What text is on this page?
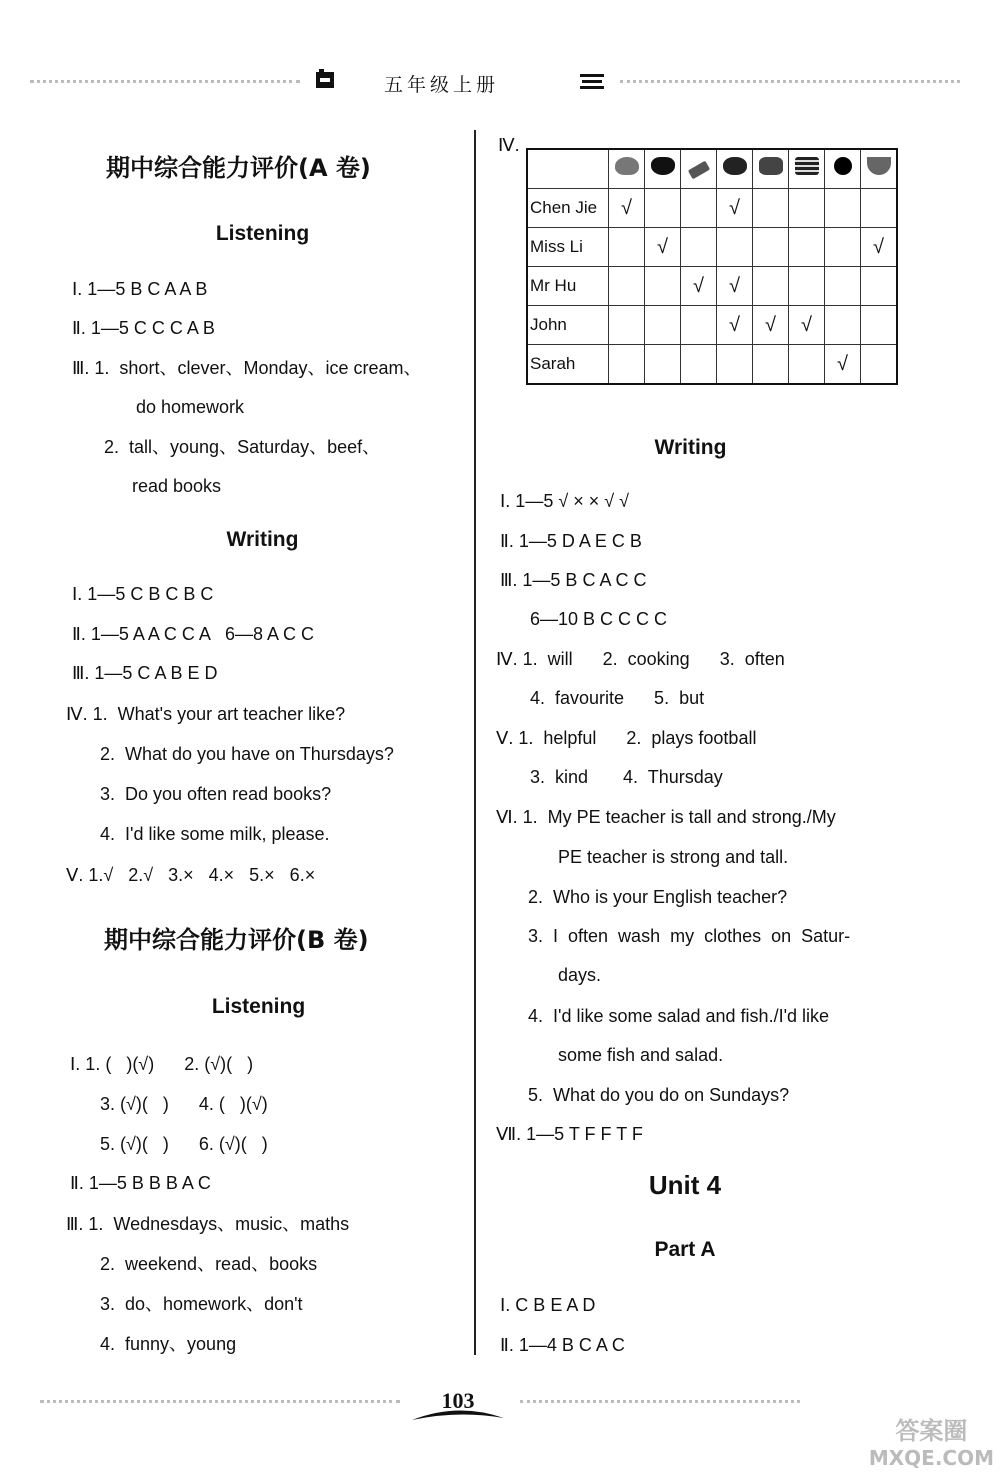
五年级上册
期中综合能力评价(A 卷)
Listening
Ⅰ. 1—5 B C A A B
Ⅱ. 1—5 C C C A B
Ⅲ. 1.  short、clever、Monday、ice cream、
do homework
2.  tall、young、Saturday、beef、
read books
Writing
Ⅰ. 1—5 C B C B C
Ⅱ. 1—5 A A C C A   6—8 A C C
Ⅲ. 1—5 C A B E D
Ⅳ. 1.  What's your art teacher like?
2.  What do you have on Thursdays?
3.  Do you often read books?
4.  I'd like some milk, please.
Ⅴ. 1.√   2.√   3.×   4.×   5.×   6.×
期中综合能力评价(B 卷)
Listening
Ⅰ. 1. (   )(√)      2. (√)(   )
3. (√)(   )      4. (   )(√)
5. (√)(   )      6. (√)(   )
Ⅱ. 1—5 B B B A C
Ⅲ. 1.  Wednesdays、music、maths
2.  weekend、read、books
3.  do、homework、don't
4.  funny、young
Ⅳ.

Chen Jie	√			√				
Miss Li		√						√
Mr Hu			√	√				
John				√	√	√		
Sarah							√	
Writing
Ⅰ. 1—5 √ × × √ √
Ⅱ. 1—5 D A E C B
Ⅲ. 1—5 B C A C C
6—10 B C C C C
Ⅳ. 1.  will      2.  cooking      3.  often
4.  favourite      5.  but
Ⅴ. 1.  helpful      2.  plays football
3.  kind       4.  Thursday
Ⅵ. 1.  My PE teacher is tall and strong./My
PE teacher is strong and tall.
2.  Who is your English teacher?
3.  I  often  wash  my  clothes  on  Satur-
days.
4.  I'd like some salad and fish./I'd like
some fish and salad.
5.  What do you do on Sundays?
Ⅶ. 1—5 T F F T F
Unit 4
Part A
Ⅰ. C B E A D
Ⅱ. 1—4 B C A C
103
答案圈
MXQE.COM
